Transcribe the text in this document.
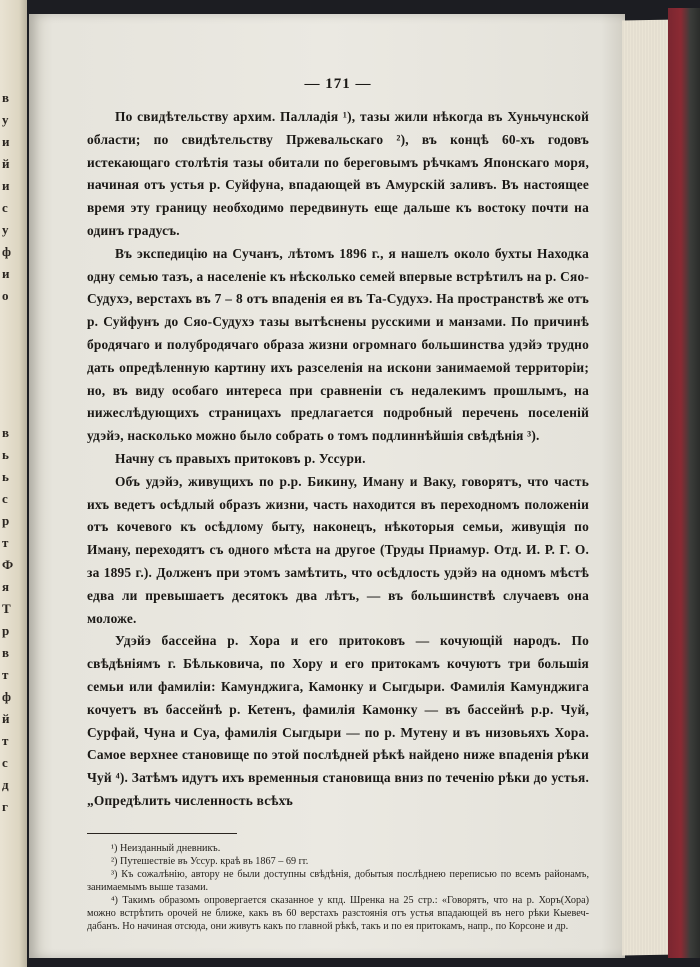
в
у
и
й
и
с
у
ф
и
о
в
ь
ь
с
р
т
Ф
я
Т
р
в
т
ф
й
т
с
д
г
— 171 —

По свидѣтельству архим. Палладія ¹), тазы жили нѣкогда въ Хуньчунской области; по свидѣтельству Пржевальскаго ²), въ концѣ 60-хъ годовъ истекающаго столѣтія тазы обитали по береговымъ рѣчкамъ Японскаго моря, начиная отъ устья р. Суйфуна, впадающей въ Амурскій заливъ. Въ настоящее время эту границу необходимо передвинуть еще дальше къ востоку почти на одинъ градусъ.

Въ экспедицію на Сучанъ, лѣтомъ 1896 г., я нашелъ около бухты Находка одну семью тазъ, а населеніе къ нѣсколько семей впервые встрѣтилъ на р. Сяо-Судухэ, верстахъ въ 7 – 8 отъ впаденія ея въ Та-Судухэ. На пространствѣ же отъ р. Суйфунъ до Сяо-Судухэ тазы вытѣснены русскими и манзами. По причинѣ бродячаго и полубродячаго образа жизни огромнаго большинства удэйэ трудно дать опредѣленную картину ихъ разселенія на искони занимаемой территоріи; но, въ виду особаго интереса при сравненіи съ недалекимъ прошлымъ, на нижеслѣдующихъ страницахъ предлагается подробный перечень поселеній удэйэ, насколько можно было собрать о томъ подлиннѣйшія свѣдѣнія ³).

Начну съ правыхъ притоковъ р. Уссури.

Объ удэйэ, живущихъ по р.р. Бикину, Иману и Ваку, говорятъ, что часть ихъ ведетъ осѣдлый образъ жизни, часть находится въ переходномъ положеніи отъ кочевого къ осѣдлому быту, наконецъ, нѣкоторыя семьи, живущія по Иману, переходятъ съ одного мѣста на другое (Труды Приамур. Отд. И. Р. Г. О. за 1895 г.). Долженъ при этомъ замѣтить, что осѣдлость удэйэ на одномъ мѣстѣ едва ли превышаетъ десятокъ два лѣтъ, — въ большинствѣ случаевъ она моложе.

Удэйэ бассейна р. Хора и его притоковъ — кочующій народъ. По свѣдѣніямъ г. Бѣльковича, по Хору и его притокамъ кочуютъ три большія семьи или фамиліи: Камунджига, Камонку и Сыгдыри. Фамилія Камунджига кочуетъ въ бассейнѣ р. Кетенъ, фамилія Камонку — въ бассейнѣ р.р. Чуй, Сурфай, Чуна и Суа, фамилія Сыгдыри — по р. Мутену и въ низовьяхъ Хора. Самое верхнее становище по этой послѣдней рѣкѣ найдено ниже впаденія рѣки Чуй ⁴). Затѣмъ идутъ ихъ временныя становища вниз по теченію рѣки до устья. „Опредѣлить численность всѣхъ

¹) Неизданный дневникъ.

²) Путешествіе въ Уссур. краѣ въ 1867 – 69 гг.

³) Къ сожалѣнію, автору не были доступны свѣдѣнія, добытыя послѣднею переписью по всемъ районамъ, занимаемымъ выше тазами.

⁴) Такимъ образомъ опровергается сказанное у кпд. Шренка на 25 стр.: «Говорятъ, что на р. Хоръ(Хора) можно встрѣтить орочей не ближе, какъ въ 60 верстахъ разстоянія отъ устья впадающей въ него рѣки Кыевеч-дабанъ. Но начиная отсюда, они живутъ какъ по главной рѣкѣ, такъ и по ея притокамъ, напр., по Корсоне и др.
